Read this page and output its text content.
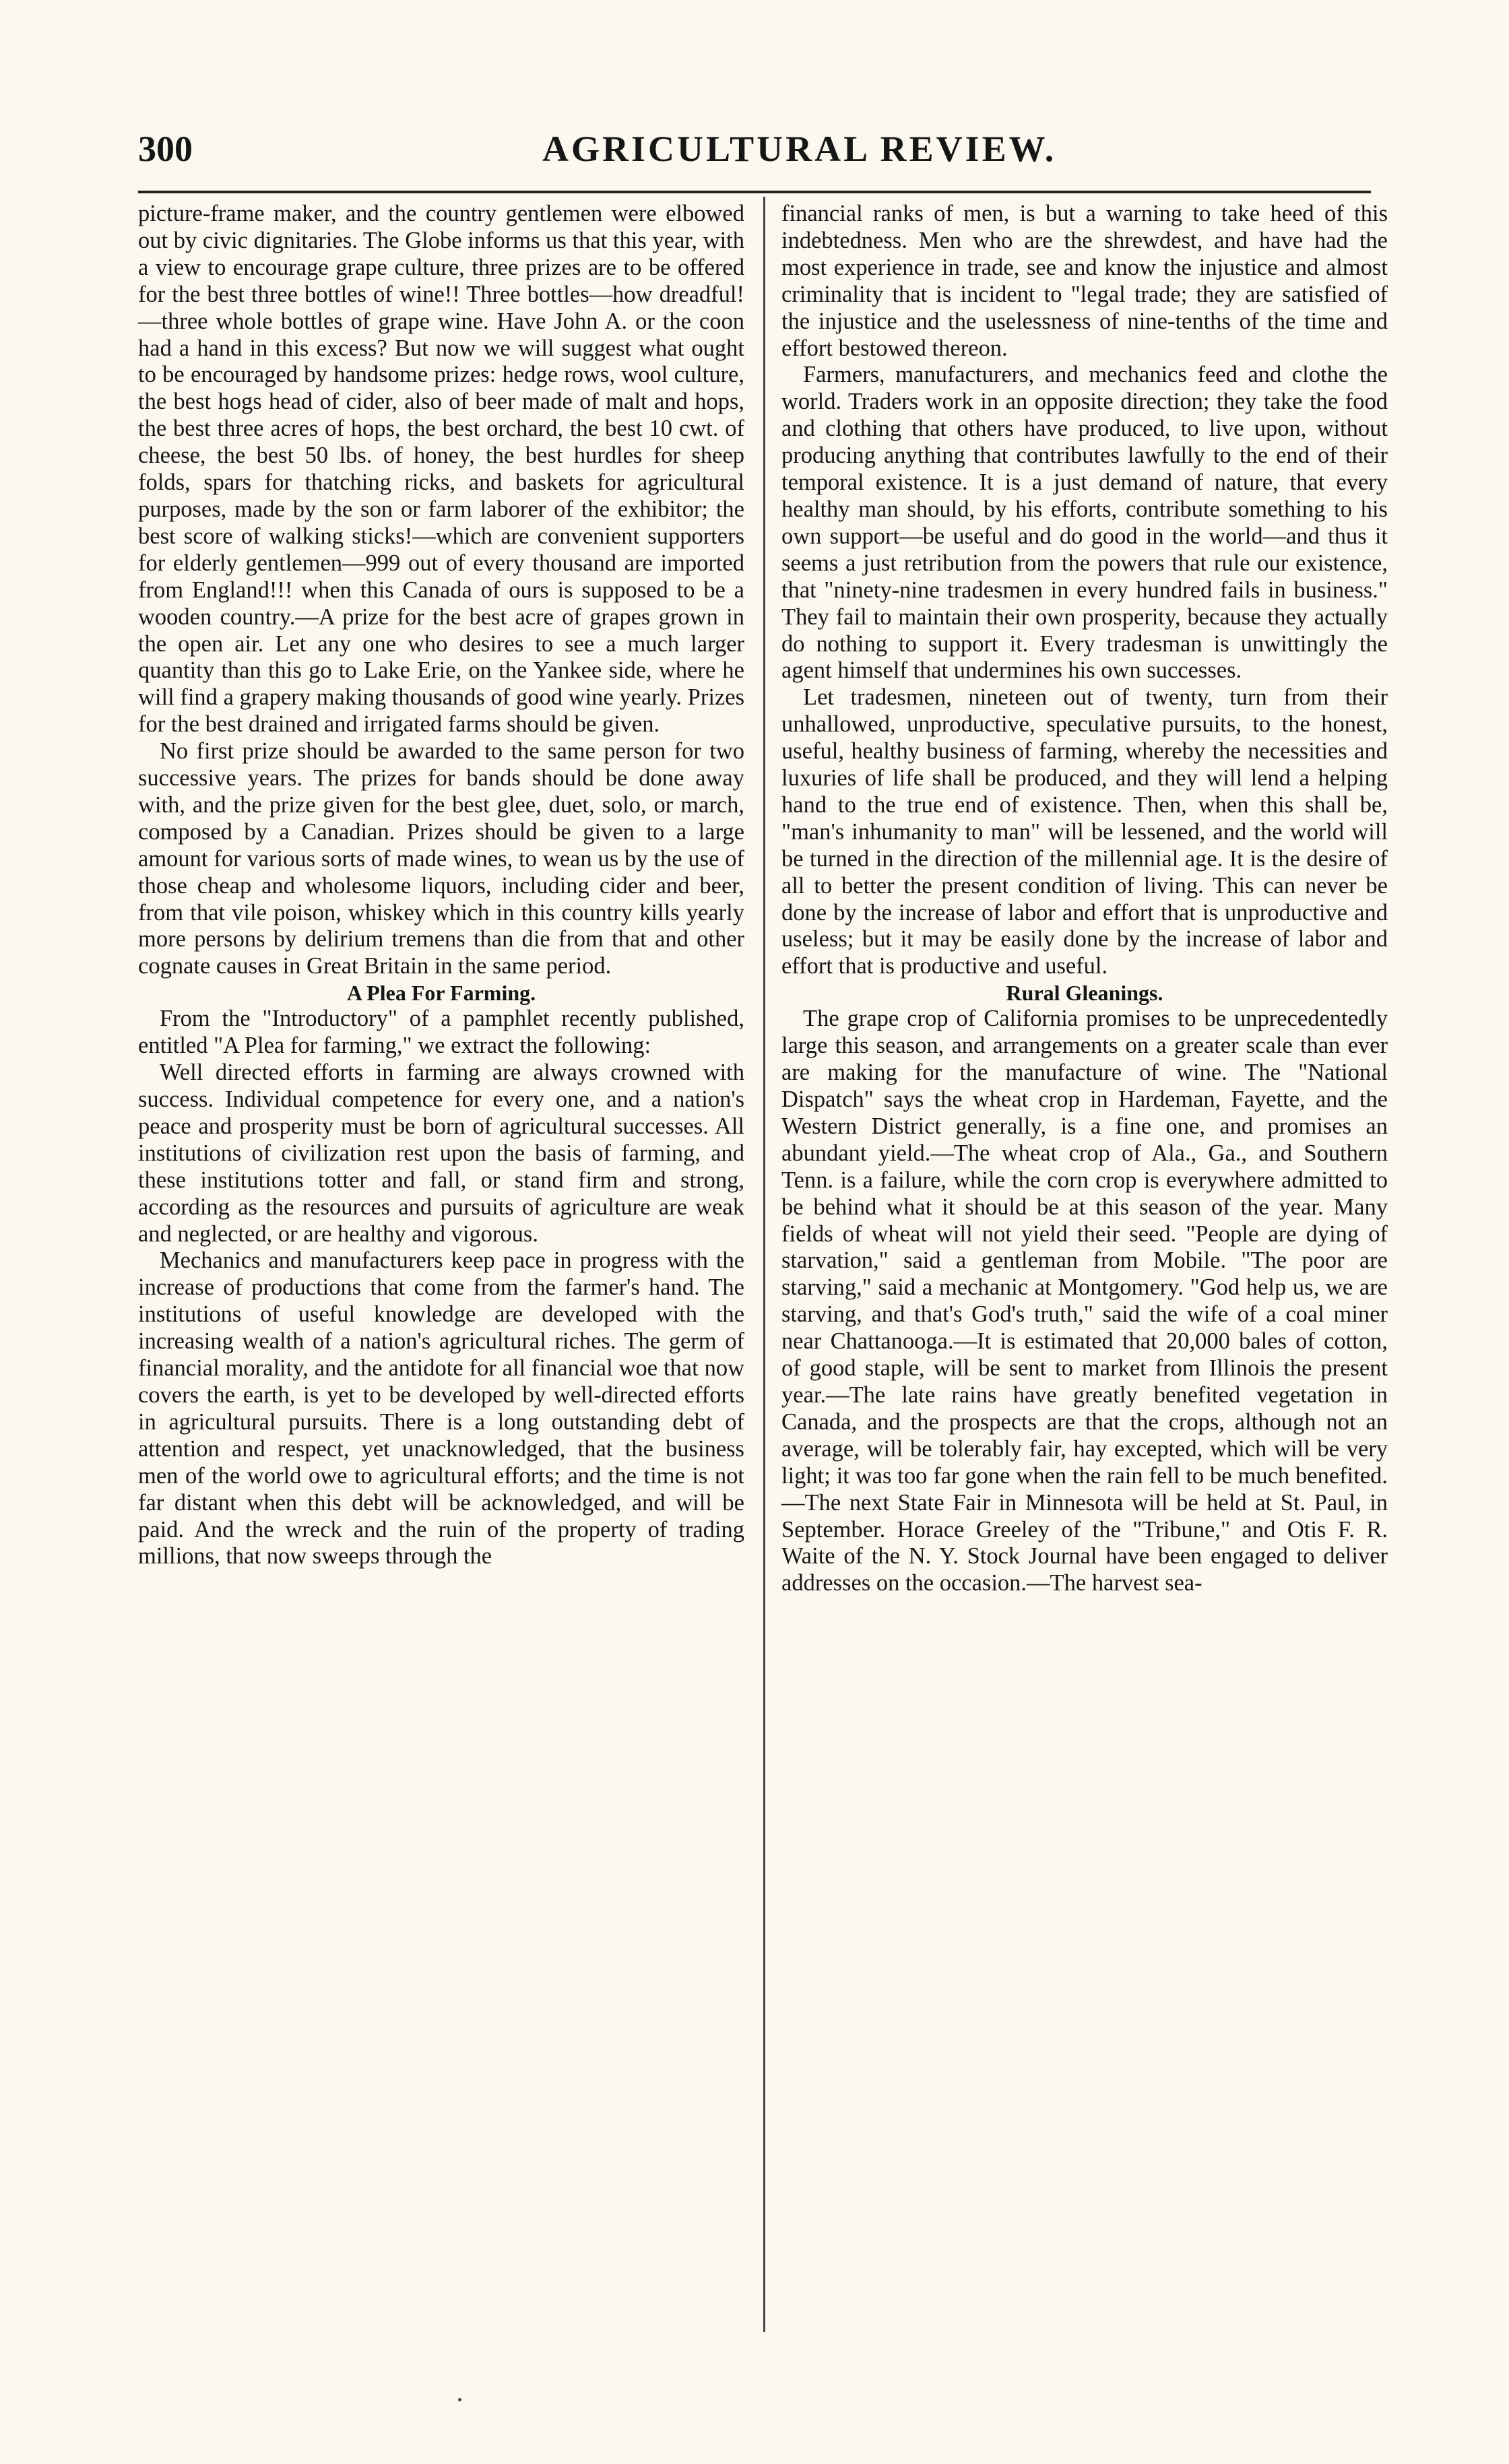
300	AGRICULTURAL REVIEW.

picture-frame maker, and the country gentlemen were elbowed out by civic dignitaries. The Globe informs us that this year, with a view to encourage grape culture, three prizes are to be offered for the best three bottles of wine!! Three bottles—how dreadful!—three whole bottles of grape wine. Have John A. or the coon had a hand in this excess? But now we will suggest what ought to be encouraged by handsome prizes: hedge rows, wool culture, the best hogs head of cider, also of beer made of malt and hops, the best three acres of hops, the best orchard, the best 10 cwt. of cheese, the best 50 lbs. of honey, the best hurdles for sheep folds, spars for thatching ricks, and baskets for agricultural purposes, made by the son or farm laborer of the exhibitor; the best score of walking sticks!—which are convenient supporters for elderly gentlemen—999 out of every thousand are imported from England!!! when this Canada of ours is supposed to be a wooden country.—A prize for the best acre of grapes grown in the open air. Let any one who desires to see a much larger quantity than this go to Lake Erie, on the Yankee side, where he will find a grapery making thousands of good wine yearly. Prizes for the best drained and irrigated farms should be given.

No first prize should be awarded to the same person for two successive years. The prizes for bands should be done away with, and the prize given for the best glee, duet, solo, or march, composed by a Canadian. Prizes should be given to a large amount for various sorts of made wines, to wean us by the use of those cheap and wholesome liquors, including cider and beer, from that vile poison, whiskey which in this country kills yearly more persons by delirium tremens than die from that and other cognate causes in Great Britain in the same period.

A Plea For Farming.

From the "Introductory" of a pamphlet recently published, entitled "A Plea for farming," we extract the following:

Well directed efforts in farming are always crowned with success. Individual competence for every one, and a nation's peace and prosperity must be born of agricultural successes. All institutions of civilization rest upon the basis of farming, and these institutions totter and fall, or stand firm and strong, according as the resources and pursuits of agriculture are weak and neglected, or are healthy and vigorous.

Mechanics and manufacturers keep pace in progress with the increase of productions that come from the farmer's hand. The institutions of useful knowledge are developed with the increasing wealth of a nation's agricultural riches. The germ of financial morality, and the antidote for all financial woe that now covers the earth, is yet to be developed by well-directed efforts in agricultural pursuits. There is a long outstanding debt of attention and respect, yet unacknowledged, that the business men of the world owe to agricultural efforts; and the time is not far distant when this debt will be acknowledged, and will be paid. And the wreck and the ruin of the property of trading millions, that now sweeps through the

financial ranks of men, is but a warning to take heed of this indebtedness. Men who are the shrewdest, and have had the most experience in trade, see and know the injustice and almost criminality that is incident to "legal trade; they are satisfied of the injustice and the uselessness of nine-tenths of the time and effort bestowed thereon.

Farmers, manufacturers, and mechanics feed and clothe the world. Traders work in an opposite direction; they take the food and clothing that others have produced, to live upon, without producing anything that contributes lawfully to the end of their temporal existence. It is a just demand of nature, that every healthy man should, by his efforts, contribute something to his own support—be useful and do good in the world—and thus it seems a just retribution from the powers that rule our existence, that "ninety-nine tradesmen in every hundred fails in business." They fail to maintain their own prosperity, because they actually do nothing to support it. Every tradesman is unwittingly the agent himself that undermines his own successes.

Let tradesmen, nineteen out of twenty, turn from their unhallowed, unproductive, speculative pursuits, to the honest, useful, healthy business of farming, whereby the necessities and luxuries of life shall be produced, and they will lend a helping hand to the true end of existence. Then, when this shall be, "man's inhumanity to man" will be lessened, and the world will be turned in the direction of the millennial age. It is the desire of all to better the present condition of living. This can never be done by the increase of labor and effort that is unproductive and useless; but it may be easily done by the increase of labor and effort that is productive and useful.

Rural Gleanings.

The grape crop of California promises to be unprecedentedly large this season, and arrangements on a greater scale than ever are making for the manufacture of wine. The "National Dispatch" says the wheat crop in Hardeman, Fayette, and the Western District generally, is a fine one, and promises an abundant yield.—The wheat crop of Ala., Ga., and Southern Tenn. is a failure, while the corn crop is everywhere admitted to be behind what it should be at this season of the year. Many fields of wheat will not yield their seed. "People are dying of starvation," said a gentleman from Mobile. "The poor are starving," said a mechanic at Montgomery. "God help us, we are starving, and that's God's truth," said the wife of a coal miner near Chattanooga.—It is estimated that 20,000 bales of cotton, of good staple, will be sent to market from Illinois the present year.—The late rains have greatly benefited vegetation in Canada, and the prospects are that the crops, although not an average, will be tolerably fair, hay excepted, which will be very light; it was too far gone when the rain fell to be much benefited.—The next State Fair in Minnesota will be held at St. Paul, in September. Horace Greeley of the "Tribune," and Otis F. R. Waite of the N. Y. Stock Journal have been engaged to deliver addresses on the occasion.—The harvest sea-
